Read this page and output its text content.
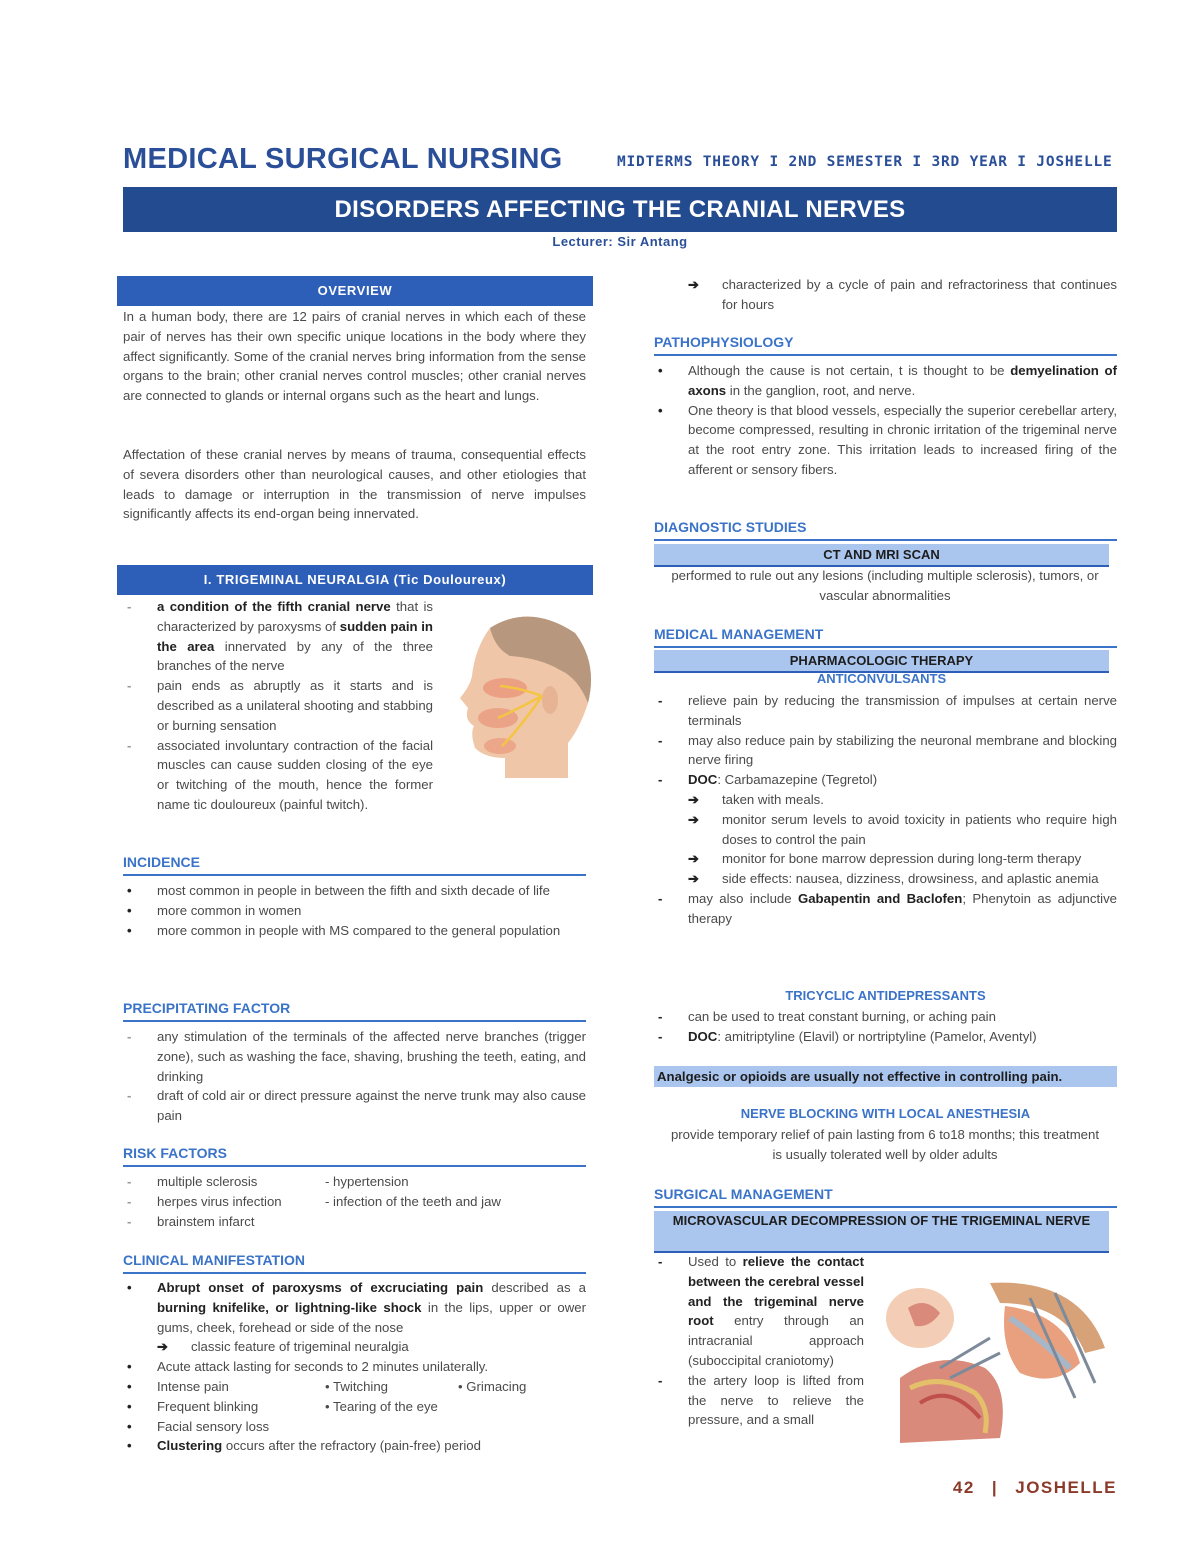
MEDICAL SURGICAL NURSING	MIDTERMS THEORY I 2ND SEMESTER I 3RD YEAR I JOSHELLE
DISORDERS AFFECTING THE CRANIAL NERVES
Lecturer: Sir Antang
OVERVIEW
In a human body, there are 12 pairs of cranial nerves in which each of these pair of nerves has their own specific unique locations in the body where they affect significantly. Some of the cranial nerves bring information from the sense organs to the brain; other cranial nerves control muscles; other cranial nerves are connected to glands or internal organs such as the heart and lungs.
Affectation of these cranial nerves by means of trauma, consequential effects of severa disorders other than neurological causes, and other etiologies that leads to damage or interruption in the transmission of nerve impulses significantly affects its end-organ being innervated.
I. TRIGEMINAL NEURALGIA (Tic Douloureux)
- a condition of the fifth cranial nerve that is characterized by paroxysms of sudden pain in the area innervated by any of the three branches of the nerve
- pain ends as abruptly as it starts and is described as a unilateral shooting and stabbing or burning sensation
- associated involuntary contraction of the facial muscles can cause sudden closing of the eye or twitching of the mouth, hence the former name tic douloureux (painful twitch).
INCIDENCE
• most common in people in between the fifth and sixth decade of life
• more common in women
• more common in people with MS compared to the general population
PRECIPITATING FACTOR
- any stimulation of the terminals of the affected nerve branches (trigger zone), such as washing the face, shaving, brushing the teeth, eating, and drinking
- draft of cold air or direct pressure against the nerve trunk may also cause pain
RISK FACTORS
- multiple sclerosis	- hypertension
- herpes virus infection	- infection of the teeth and jaw
- brainstem infarct
CLINICAL MANIFESTATION
• Abrupt onset of paroxysms of excruciating pain described as a burning knifelike, or lightning-like shock in the lips, upper or ower gums, cheek, forehead or side of the nose
➔ classic feature of trigeminal neuralgia
• Acute attack lasting for seconds to 2 minutes unilaterally.
• Intense pain	• Twitching	• Grimacing
• Frequent blinking	• Tearing of the eye
• Facial sensory loss
• Clustering occurs after the refractory (pain-free) period
➔ characterized by a cycle of pain and refractoriness that continues for hours
PATHOPHYSIOLOGY
• Although the cause is not certain, t is thought to be demyelination of axons in the ganglion, root, and nerve.
• One theory is that blood vessels, especially the superior cerebellar artery, become compressed, resulting in chronic irritation of the trigeminal nerve at the root entry zone. This irritation leads to increased firing of the afferent or sensory fibers.
DIAGNOSTIC STUDIES
CT AND MRI SCAN
performed to rule out any lesions (including multiple sclerosis), tumors, or vascular abnormalities
MEDICAL MANAGEMENT
PHARMACOLOGIC THERAPY
ANTICONVULSANTS
- relieve pain by reducing the transmission of impulses at certain nerve terminals
- may also reduce pain by stabilizing the neuronal membrane and blocking nerve firing
- DOC: Carbamazepine (Tegretol)
➔ taken with meals.
➔ monitor serum levels to avoid toxicity in patients who require high doses to control the pain
➔ monitor for bone marrow depression during long-term therapy
➔ side effects: nausea, dizziness, drowsiness, and aplastic anemia
- may also include Gabapentin and Baclofen; Phenytoin as adjunctive therapy
TRICYCLIC ANTIDEPRESSANTS
- can be used to treat constant burning, or aching pain
- DOC: amitriptyline (Elavil) or nortriptyline (Pamelor, Aventyl)
Analgesic or opioids are usually not effective in controlling pain.
NERVE BLOCKING WITH LOCAL ANESTHESIA
provide temporary relief of pain lasting from 6 to18 months; this treatment is usually tolerated well by older adults
SURGICAL MANAGEMENT
MICROVASCULAR DECOMPRESSION OF THE TRIGEMINAL NERVE
- Used to relieve the contact between the cerebral vessel and the trigeminal nerve root entry through an intracranial approach (suboccipital craniotomy)
- the artery loop is lifted from the nerve to relieve the pressure, and a small
42 | JOSHELLE
